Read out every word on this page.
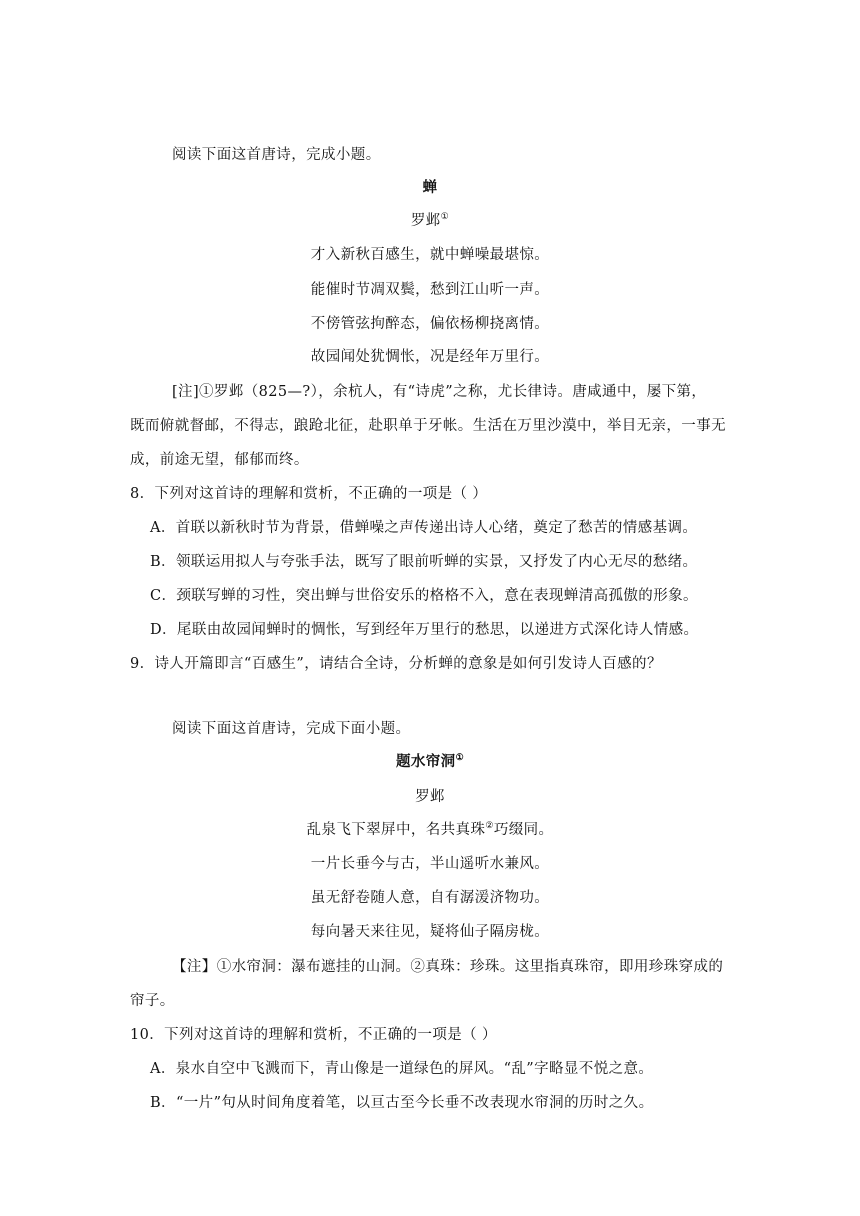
阅读下面这首唐诗，完成小题。
蝉
罗邺①
才入新秋百感生，就中蝉噪最堪惊。
能催时节凋双鬓，愁到江山听一声。
不傍管弦拘醉态，偏依杨柳挠离情。
故园闻处犹惆怅，况是经年万里行。
[注]①罗邺（825—?），余杭人，有“诗虎”之称，尤长律诗。唐咸通中，屡下第，
既而俯就督邮，不得志，踉跄北征，赴职单于牙帐。生活在万里沙漠中，举目无亲，一事无
成，前途无望，郁郁而终。
8．下列对这首诗的理解和赏析，不正确的一项是（ ）
A．首联以新秋时节为背景，借蝉噪之声传递出诗人心绪，奠定了愁苦的情感基调。
B．领联运用拟人与夸张手法，既写了眼前听蝉的实景，又抒发了内心无尽的愁绪。
C．颈联写蝉的习性，突出蝉与世俗安乐的格格不入，意在表现蝉清高孤傲的形象。
D．尾联由故园闻蝉时的惆怅，写到经年万里行的愁思，以递进方式深化诗人情感。
9．诗人开篇即言“百感生”，请结合全诗，分析蝉的意象是如何引发诗人百感的？
阅读下面这首唐诗，完成下面小题。
题水帘洞①
罗邺
乱泉飞下翠屏中，名共真珠②巧缀同。
一片长垂今与古，半山遥听水兼风。
虽无舒卷随人意，自有潺湲济物功。
每向暑天来往见，疑将仙子隔房栊。
【注】①水帘洞：瀑布遮挂的山洞。②真珠：珍珠。这里指真珠帘，即用珍珠穿成的
帘子。
10．下列对这首诗的理解和赏析，不正确的一项是（ ）
A．泉水自空中飞溅而下，青山像是一道绿色的屏风。“乱”字略显不悦之意。
B．“一片”句从时间角度着笔，以亘古至今长垂不改表现水帘洞的历时之久。
